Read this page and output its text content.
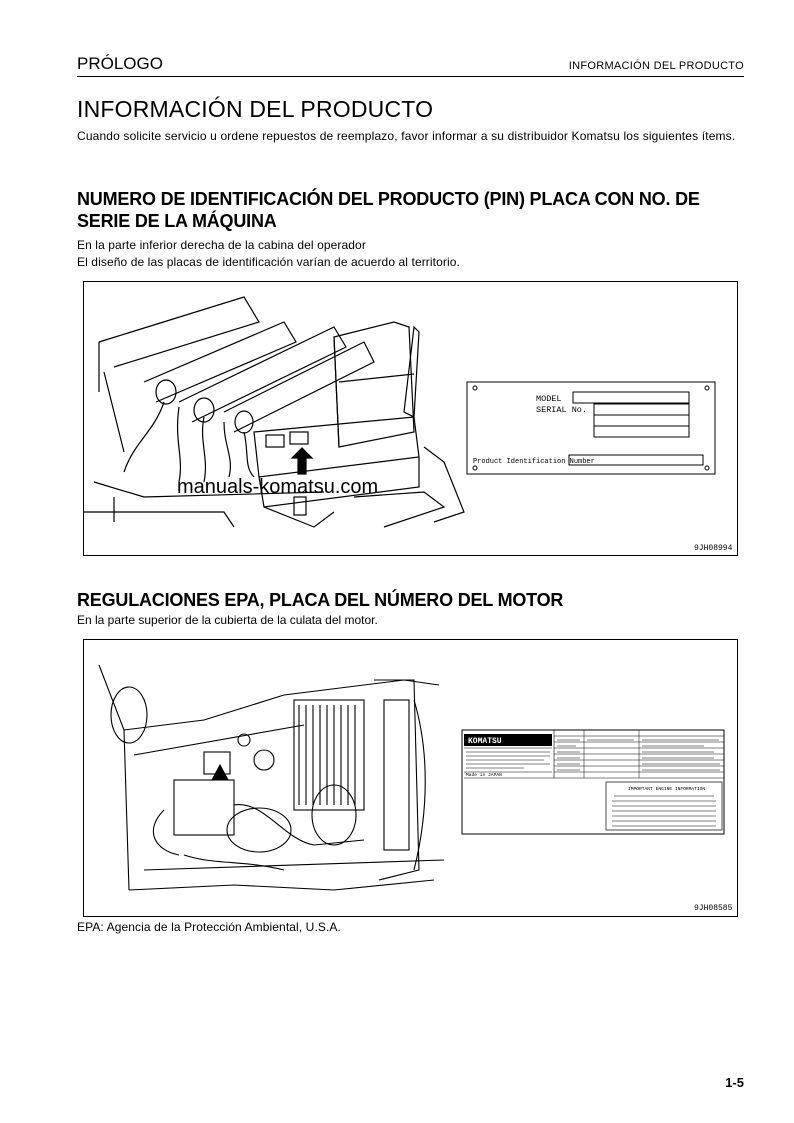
PRÓLOGO	INFORMACIÓN DEL PRODUCTO
INFORMACIÓN DEL PRODUCTO
Cuando solicite servicio u ordene repuestos de reemplazo, favor informar a su distribuidor Komatsu los siguientes ítems.
NUMERO DE IDENTIFICACIÓN DEL PRODUCTO (PIN) PLACA CON NO. DE SERIE DE LA MÁQUINA
En la parte inferior derecha de la cabina del operador
El diseño de las placas de identificación varían de acuerdo al territorio.
manuals-komatsu.com
MODEL
SERIAL No.
Product Identification Number
9JH08994
REGULACIONES EPA, PLACA DEL NÚMERO DEL MOTOR
En la parte superior de la cubierta de la culata del motor.
KOMATSU
Made in JAPAN
IMPORTANT ENGINE INFORMATION
9JH08585
EPA: Agencia de la Protección Ambiental, U.S.A.
1-5
